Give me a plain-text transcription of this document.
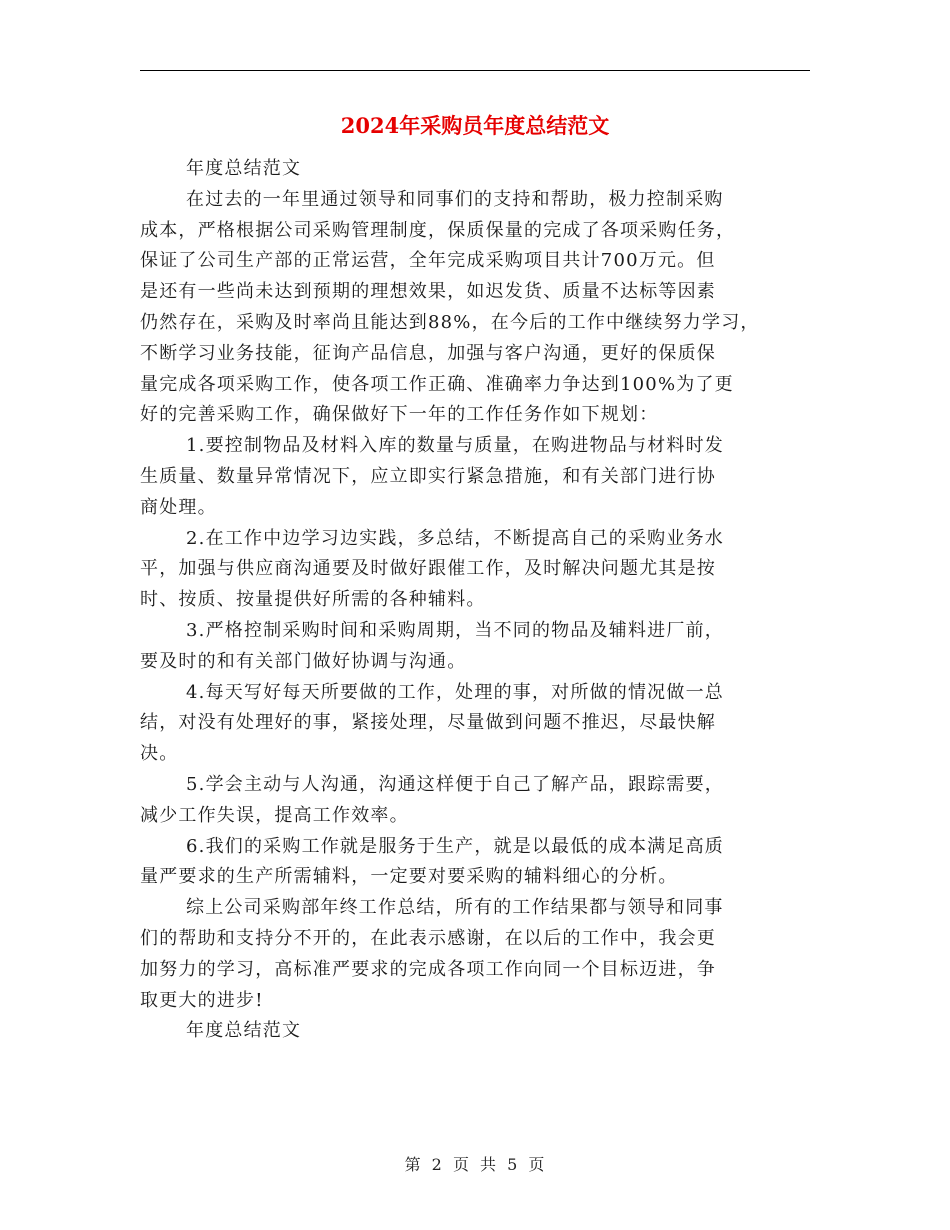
2024年采购员年度总结范文

年度总结范文

在过去的一年里通过领导和同事们的支持和帮助，极力控制采购
成本，严格根据公司采购管理制度，保质保量的完成了各项采购任务，
保证了公司生产部的正常运营，全年完成采购项目共计700万元。但
是还有一些尚未达到预期的理想效果，如迟发货、质量不达标等因素
仍然存在，采购及时率尚且能达到88%，在今后的工作中继续努力学习，
不断学习业务技能，征询产品信息，加强与客户沟通，更好的保质保
量完成各项采购工作，使各项工作正确、准确率力争达到100%为了更
好的完善采购工作，确保做好下一年的工作任务作如下规划：

1.要控制物品及材料入库的数量与质量，在购进物品与材料时发
生质量、数量异常情况下，应立即实行紧急措施，和有关部门进行协
商处理。

2.在工作中边学习边实践，多总结，不断提高自己的采购业务水
平，加强与供应商沟通要及时做好跟催工作，及时解决问题尤其是按
时、按质、按量提供好所需的各种辅料。

3.严格控制采购时间和采购周期，当不同的物品及辅料进厂前，
要及时的和有关部门做好协调与沟通。

4.每天写好每天所要做的工作，处理的事，对所做的情况做一总
结，对没有处理好的事，紧接处理，尽量做到问题不推迟，尽最快解
决。

5.学会主动与人沟通，沟通这样便于自己了解产品，跟踪需要，
减少工作失误，提高工作效率。

6.我们的采购工作就是服务于生产，就是以最低的成本满足高质
量严要求的生产所需辅料，一定要对要采购的辅料细心的分析。

综上公司采购部年终工作总结，所有的工作结果都与领导和同事
们的帮助和支持分不开的，在此表示感谢，在以后的工作中，我会更
加努力的学习，高标准严要求的完成各项工作向同一个目标迈进，争
取更大的进步!

年度总结范文

第 2 页 共 5 页
